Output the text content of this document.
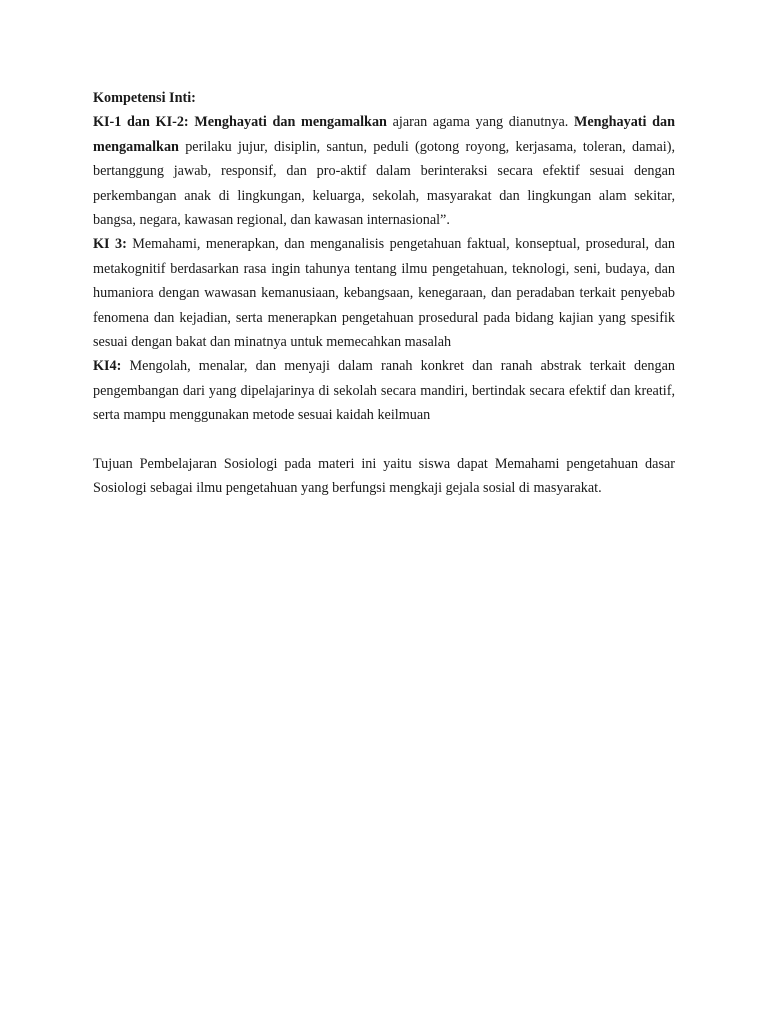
Kompetensi Inti:

KI-1 dan KI-2: Menghayati dan mengamalkan ajaran agama yang dianutnya. Menghayati dan mengamalkan perilaku jujur, disiplin, santun, peduli (gotong royong, kerjasama, toleran, damai), bertanggung jawab, responsif, dan pro-aktif dalam berinteraksi secara efektif sesuai dengan perkembangan anak di lingkungan, keluarga, sekolah, masyarakat dan lingkungan alam sekitar, bangsa, negara, kawasan regional, dan kawasan internasional”.

KI 3: Memahami, menerapkan, dan menganalisis pengetahuan faktual, konseptual, prosedural, dan metakognitif berdasarkan rasa ingin tahunya tentang ilmu pengetahuan, teknologi, seni, budaya, dan humaniora dengan wawasan kemanusiaan, kebangsaan, kenegaraan, dan peradaban terkait penyebab fenomena dan kejadian, serta menerapkan pengetahuan prosedural pada bidang kajian yang spesifik sesuai dengan bakat dan minatnya untuk memecahkan masalah

KI4: Mengolah, menalar, dan menyaji dalam ranah konkret dan ranah abstrak terkait dengan pengembangan dari yang dipelajarinya di sekolah secara mandiri, bertindak secara efektif dan kreatif, serta mampu menggunakan metode sesuai kaidah keilmuan

Tujuan Pembelajaran Sosiologi pada materi ini yaitu siswa dapat Memahami pengetahuan dasar Sosiologi sebagai ilmu pengetahuan yang berfungsi mengkaji gejala sosial di masyarakat.
